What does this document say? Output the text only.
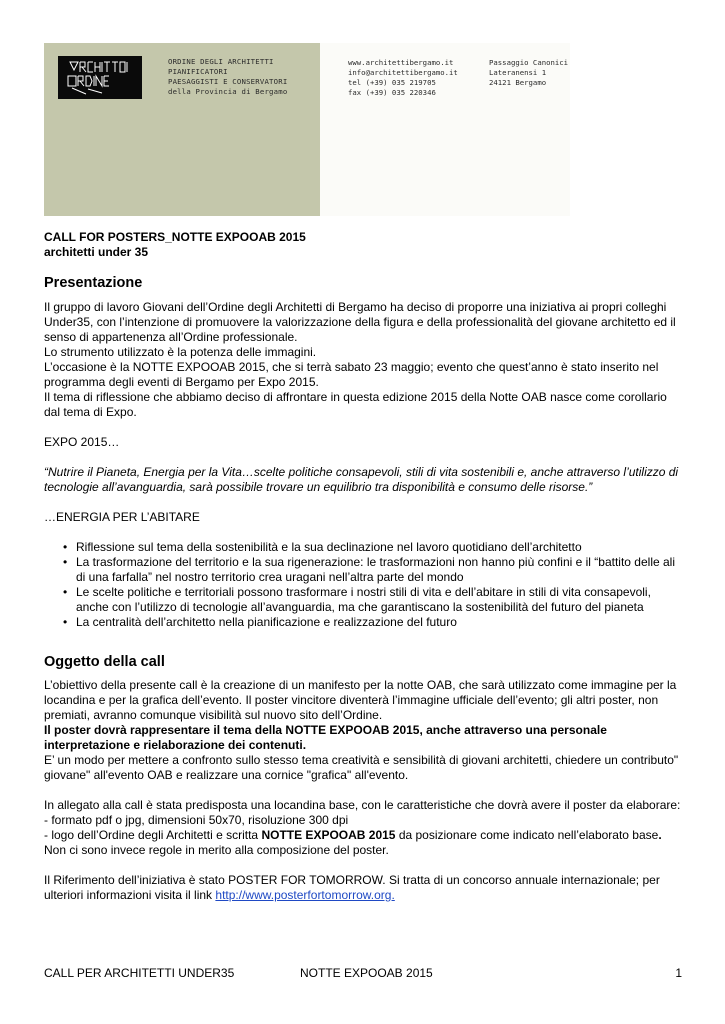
ORDINE DEGLI ARCHITETTI
PIANIFICATORI
PAESAGGISTI E CONSERVATORI
della Provincia di Bergamo
www.architettibergamo.it
info@architettibergamo.it
tel (+39) 035 219705
fax (+39) 035 220346
Passaggio Canonici
Lateranensi 1
24121 Bergamo

CALL FOR POSTERS_NOTTE EXPOOAB 2015

architetti under 35

Presentazione

Il gruppo di lavoro Giovani dell’Ordine degli Architetti di Bergamo ha deciso di proporre una iniziativa ai propri colleghi Under35, con l’intenzione di promuovere la valorizzazione della figura e della professionalità del giovane architetto ed il senso di appartenenza all’Ordine professionale.

Lo strumento utilizzato è la potenza delle immagini.

L’occasione è la NOTTE EXPOOAB 2015, che si terrà sabato 23 maggio; evento che quest’anno è stato inserito nel programma degli eventi di Bergamo per Expo 2015.

Il tema di riflessione che abbiamo deciso di affrontare in questa edizione 2015 della Notte OAB nasce come corollario dal tema di Expo.

EXPO 2015…

“Nutrire il Pianeta, Energia per la Vita…scelte politiche consapevoli, stili di vita sostenibili e, anche attraverso l’utilizzo di tecnologie all’avanguardia, sarà possibile trovare un equilibrio tra disponibilità e consumo delle risorse.”

…ENERGIA PER L’ABITARE

• Riflessione sul tema della sostenibilità e la sua declinazione nel lavoro quotidiano dell’architetto
• La trasformazione del territorio e la sua rigenerazione: le trasformazioni non hanno più confini e il “battito delle ali di una farfalla” nel nostro territorio crea uragani nell’altra parte del mondo
• Le scelte politiche e territoriali possono trasformare i nostri stili di vita e dell’abitare in stili di vita consapevoli, anche con l’utilizzo di tecnologie all’avanguardia, ma che garantiscano la sostenibilità del futuro del pianeta
• La centralità dell’architetto nella pianificazione e realizzazione del futuro
Oggetto della call

L’obiettivo della presente call è la creazione di un manifesto per la notte OAB, che sarà utilizzato come immagine per la locandina e per la grafica dell’evento. Il poster vincitore diventerà l’immagine ufficiale dell’evento; gli altri poster, non premiati, avranno comunque visibilità sul nuovo sito dell’Ordine.

Il poster dovrà rappresentare il tema della NOTTE EXPOOAB 2015, anche attraverso una personale interpretazione e rielaborazione dei contenuti.

E’ un modo per mettere a confronto sullo stesso tema creatività e sensibilità di giovani architetti, chiedere un contributo" giovane" all'evento OAB e realizzare una cornice "grafica" all'evento.

In allegato alla call è stata predisposta una locandina base, con le caratteristiche che dovrà avere il poster da elaborare:

- formato pdf o jpg, dimensioni 50x70, risoluzione 300 dpi

- logo dell’Ordine degli Architetti e scritta NOTTE EXPOOAB 2015 da posizionare come indicato nell’elaborato base.

Non ci sono invece regole in merito alla composizione del poster.

Il Riferimento dell’iniziativa è stato POSTER FOR TOMORROW. Si tratta di un concorso annuale internazionale; per ulteriori informazioni visita il link http://www.posterfortomorrow.org.

CALL PER ARCHITETTI UNDER35	NOTTE EXPOOAB 2015	1
